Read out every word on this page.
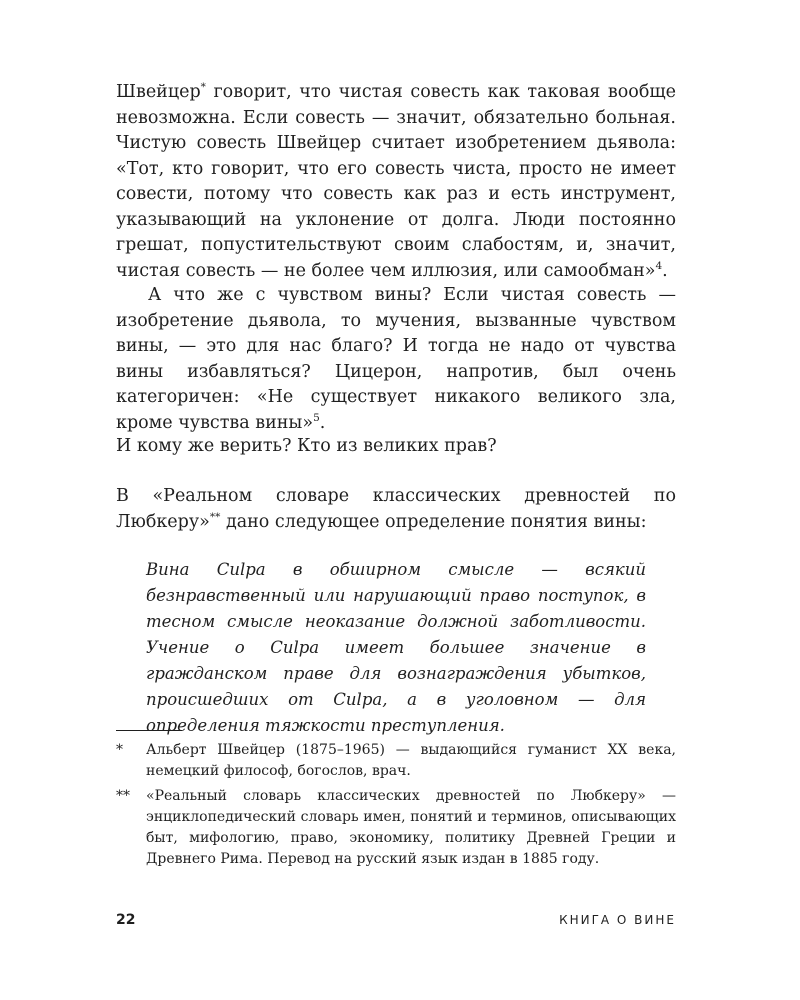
Швейцер* говорит, что чистая совесть как таковая вообще невозможна. Если совесть — значит, обязательно больная. Чистую совесть Швейцер считает изобретением дьявола: «Тот, кто говорит, что его совесть чиста, просто не имеет совести, потому что совесть как раз и есть инструмент, указывающий на уклонение от долга. Люди постоянно грешат, попустительствуют своим слабостям, и, значит, чистая совесть — не более чем иллюзия, или самообман»$^4$.

А что же с чувством вины? Если чистая совесть — изобретение дьявола, то мучения, вызванные чувством вины, — это для нас благо? И тогда не надо от чувства вины избавляться? Цицерон, напротив, был очень категоричен: «Не существует никакого великого зла, кроме чувства вины»$^5$.

И кому же верить? Кто из великих прав?

В «Реальном словаре классических древностей по Любкеру»** дано следующее определение понятия вины:

Вина Culpa в обширном смысле — всякий безнравственный или нарушающий право поступок, в тесном смысле неоказание должной заботливости. Учение о Culpa имеет большее значение в гражданском праве для вознаграждения убытков, происшедших от Culpa, а в уголовном — для определения тяжкости преступления.
*	Альберт Швейцер (1875–1965) — выдающийся гуманист XX века, немецкий философ, богослов, врач.
**	«Реальный словарь классических древностей по Любкеру» — энциклопедический словарь имен, понятий и терминов, описывающих быт, мифологию, право, экономику, политику Древней Греции и Древнего Рима. Перевод на русский язык издан в 1885 году.
22	КНИГА О ВИНЕ
